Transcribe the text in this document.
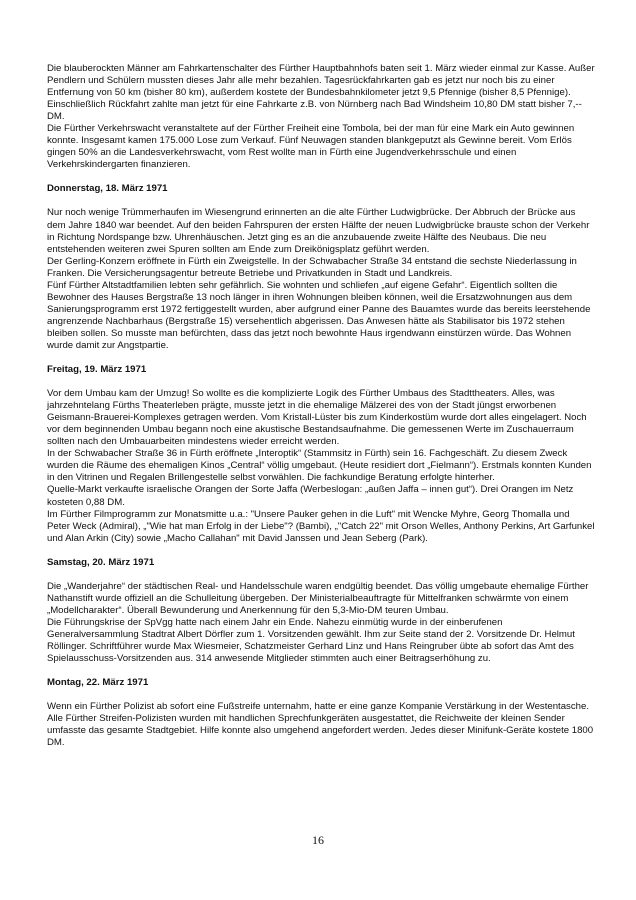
Die blauberockten Männer am Fahrkartenschalter des Fürther Hauptbahnhofs baten seit 1. März wieder einmal zur Kasse. Außer Pendlern und Schülern mussten dieses Jahr alle mehr bezahlen. Tagesrückfahrkarten gab es jetzt nur noch bis zu einer Entfernung von 50 km (bisher 80 km), außerdem kostete der Bundesbahnkilometer jetzt 9,5 Pfennige (bisher 8,5 Pfennige). Einschließlich Rückfahrt zahlte man jetzt für eine Fahrkarte z.B. von Nürnberg nach Bad Windsheim 10,80 DM statt bisher 7,-- DM.

Die Fürther Verkehrswacht veranstaltete auf der Fürther Freiheit eine Tombola, bei der man für eine Mark ein Auto gewinnen konnte. Insgesamt kamen 175.000 Lose zum Verkauf. Fünf Neuwagen standen blankgeputzt als Gewinne bereit. Vom Erlös gingen 50% an die Landesverkehrswacht, vom Rest wollte man in Fürth eine Jugendverkehrsschule und einen Verkehrskindergarten finanzieren.

Donnerstag, 18. März 1971

Nur noch wenige Trümmerhaufen im Wiesengrund erinnerten an die alte Fürther Ludwigbrücke. Der Abbruch der Brücke aus dem Jahre 1840 war beendet. Auf den beiden Fahrspuren der ersten Hälfte der neuen Ludwigbrücke brauste schon der Verkehr in Richtung Nordspange bzw. Uhrenhäuschen. Jetzt ging es an die anzubauende zweite Hälfte des Neubaus. Die neu entstehenden weiteren zwei Spuren sollten am Ende zum Dreikönigsplatz geführt werden.

Der Gerling-Konzern eröffnete in Fürth ein Zweigstelle. In der Schwabacher Straße 34 entstand die sechste Niederlassung in Franken. Die Versicherungsagentur betreute Betriebe und Privatkunden in Stadt und Landkreis.

Fünf Fürther Altstadtfamilien lebten sehr gefährlich. Sie wohnten und schliefen „auf eigene Gefahr“. Eigentlich sollten die Bewohner des Hauses Bergstraße 13 noch länger in ihren Wohnungen bleiben können, weil die Ersatzwohnungen aus dem Sanierungsprogramm erst 1972 fertiggestellt wurden, aber aufgrund einer Panne des Bauamtes wurde das bereits leerstehende angrenzende Nachbarhaus (Bergstraße 15) versehentlich abgerissen. Das Anwesen hätte als Stabilisator bis 1972 stehen bleiben sollen. So musste man befürchten, dass das jetzt noch bewohnte Haus irgendwann einstürzen würde. Das Wohnen wurde damit zur Angstpartie.

Freitag, 19. März 1971

Vor dem Umbau kam der Umzug! So wollte es die komplizierte Logik des Fürther Umbaus des Stadttheaters. Alles, was jahrzehntelang Fürths Theaterleben prägte, musste jetzt in die ehemalige Mälzerei des von der Stadt jüngst erworbenen Geismann-Brauerei-Komplexes getragen werden. Vom Kristall-Lüster bis zum Kinderkostüm wurde dort alles eingelagert. Noch vor dem beginnenden Umbau begann noch eine akustische Bestandsaufnahme. Die gemessenen Werte im Zuschauerraum sollten nach den Umbauarbeiten mindestens wieder erreicht werden.

In der Schwabacher Straße 36 in Fürth eröffnete „Interoptik“ (Stammsitz in Fürth) sein 16. Fachgeschäft. Zu diesem Zweck wurden die Räume des ehemaligen Kinos „Central“ völlig umgebaut. (Heute residiert dort „Fielmann“). Erstmals konnten Kunden in den Vitrinen und Regalen Brillengestelle selbst vorwählen. Die fachkundige Beratung erfolgte hinterher.

Quelle-Markt verkaufte israelische Orangen der Sorte Jaffa (Werbeslogan: „außen Jaffa – innen gut“). Drei Orangen im Netz kosteten 0,88 DM.

Im Fürther Filmprogramm zur Monatsmitte u.a.: "Unsere Pauker gehen in die Luft" mit Wencke Myhre, Georg Thomalla und Peter Weck (Admiral), „"Wie hat man Erfolg in der Liebe"? (Bambi), „"Catch 22" mit Orson Welles, Anthony Perkins, Art Garfunkel und Alan Arkin (City) sowie „Macho Callahan" mit David Janssen und Jean Seberg (Park).

Samstag, 20. März 1971

Die „Wanderjahre“ der städtischen Real- und Handelsschule waren endgültig beendet. Das völlig umgebaute ehemalige Fürther Nathanstift wurde offiziell an die Schulleitung übergeben. Der Ministerialbeauftragte für Mittelfranken schwärmte von einem „Modellcharakter“. Überall Bewunderung und Anerkennung für den 5,3-Mio-DM teuren Umbau.

Die Führungskrise der SpVgg hatte nach einem Jahr ein Ende. Nahezu einmütig wurde in der einberufenen Generalversammlung Stadtrat Albert Dörfler zum 1. Vorsitzenden gewählt. Ihm zur Seite stand der 2. Vorsitzende Dr. Helmut Röllinger. Schriftführer wurde Max Wiesmeier, Schatzmeister Gerhard Linz und Hans Reingruber übte ab sofort das Amt des Spielausschuss-Vorsitzenden aus. 314 anwesende Mitglieder stimmten auch einer Beitragserhöhung zu.

Montag, 22. März 1971

Wenn ein Fürther Polizist ab sofort eine Fußstreife unternahm, hatte er eine ganze Kompanie Verstärkung in der Westentasche. Alle Fürther Streifen-Polizisten wurden mit handlichen Sprechfunkgeräten ausgestattet, die Reichweite der kleinen Sender umfasste das gesamte Stadtgebiet. Hilfe konnte also umgehend angefordert werden. Jedes dieser Minifunk-Geräte kostete 1800 DM.

16
